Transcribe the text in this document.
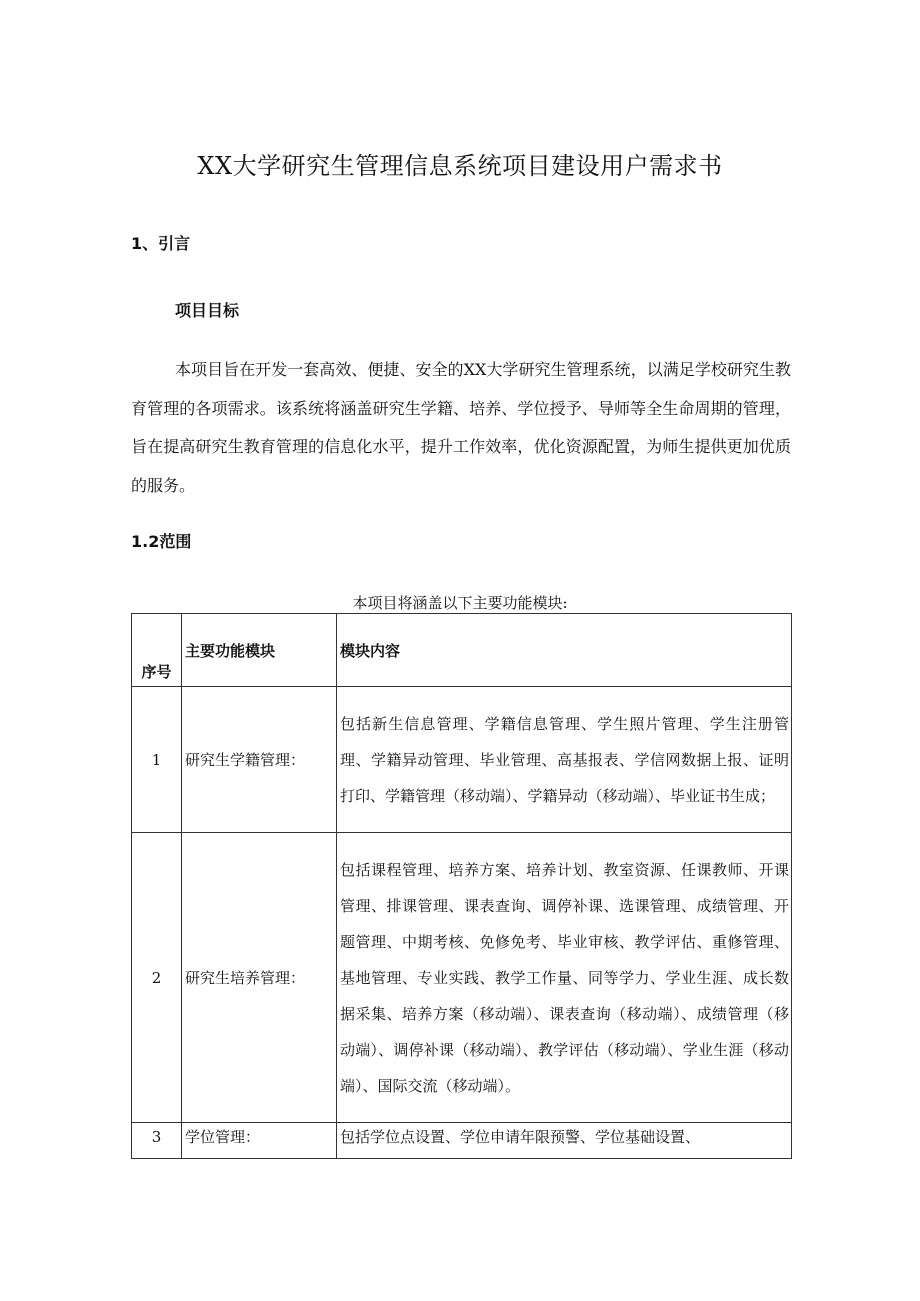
XX大学研究生管理信息系统项目建设用户需求书
1、引言
项目目标
本项目旨在开发一套高效、便捷、安全的XX大学研究生管理系统，以满足学校研究生教育管理的各项需求。该系统将涵盖研究生学籍、培养、学位授予、导师等全生命周期的管理，旨在提高研究生教育管理的信息化水平，提升工作效率，优化资源配置，为师生提供更加优质的服务。
1.2范围
本项目将涵盖以下主要功能模块:
序号	主要功能模块	模块内容
1	研究生学籍管理：	包括新生信息管理、学籍信息管理、学生照片管理、学生注册管理、学籍异动管理、毕业管理、高基报表、学信网数据上报、证明打印、学籍管理（移动端）、学籍异动（移动端）、毕业证书生成；
2	研究生培养管理：	包括课程管理、培养方案、培养计划、教室资源、任课教师、开课管理、排课管理、课表查询、调停补课、选课管理、成绩管理、开题管理、中期考核、免修免考、毕业审核、教学评估、重修管理、基地管理、专业实践、教学工作量、同等学力、学业生涯、成长数据采集、培养方案（移动端）、课表查询（移动端）、成绩管理（移动端）、调停补课（移动端）、教学评估（移动端）、学业生涯（移动端）、国际交流（移动端）。
3	学位管理：	包括学位点设置、学位申请年限预警、学位基础设置、
